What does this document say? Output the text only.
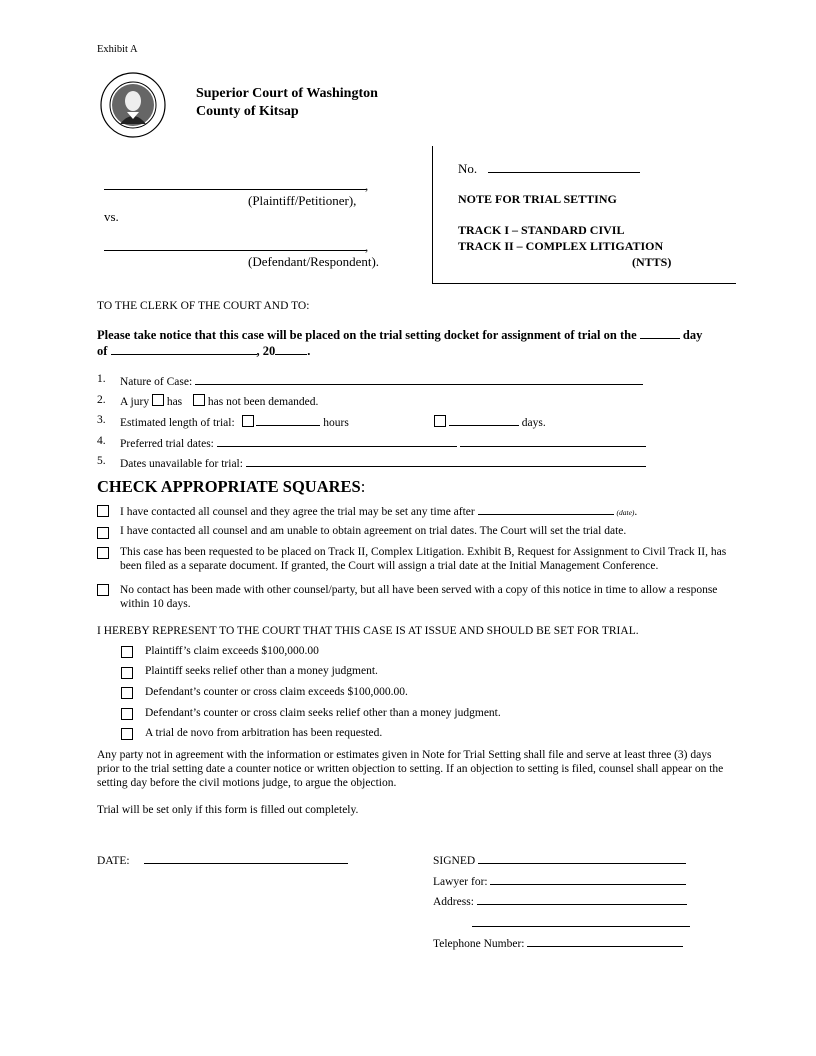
Exhibit A
Superior Court of Washington
County of Kitsap
,
(Plaintiff/Petitioner),
vs.
,
(Defendant/Respondent).
No.
NOTE FOR TRIAL SETTING
TRACK I – STANDARD CIVIL
TRACK II – COMPLEX LITIGATION
(NTTS)
TO THE CLERK OF THE COURT AND TO:
Please take notice that this case will be placed on the trial setting docket for assignment of trial on the	day
of	, 20	.
1. Nature of Case:
2. A jury has has not been demanded.
3. Estimated length of trial:	hours	days.
4. Preferred trial dates:
5. Dates unavailable for trial:
CHECK APPROPRIATE SQUARES:
I have contacted all counsel and they agree the trial may be set any time after	(date).
I have contacted all counsel and am unable to obtain agreement on trial dates. The Court will set the trial date.
This case has been requested to be placed on Track II, Complex Litigation. Exhibit B, Request for Assignment to Civil Track II, has been filed as a separate document. If granted, the Court will assign a trial date at the Initial Management Conference.
No contact has been made with other counsel/party, but all have been served with a copy of this notice in time to allow a response within 10 days.
I HEREBY REPRESENT TO THE COURT THAT THIS CASE IS AT ISSUE AND SHOULD BE SET FOR TRIAL.
Plaintiff’s claim exceeds $100,000.00
Plaintiff seeks relief other than a money judgment.
Defendant’s counter or cross claim exceeds $100,000.00.
Defendant’s counter or cross claim seeks relief other than a money judgment.
A trial de novo from arbitration has been requested.
Any party not in agreement with the information or estimates given in Note for Trial Setting shall file and serve at least three (3) days prior to the trial setting date a counter notice or written objection to setting. If an objection to setting is filed, counsel shall appear on the setting day before the civil motions judge, to argue the objection.
Trial will be set only if this form is filled out completely.
DATE:	SIGNED
Lawyer for:
Address:
Telephone Number:
